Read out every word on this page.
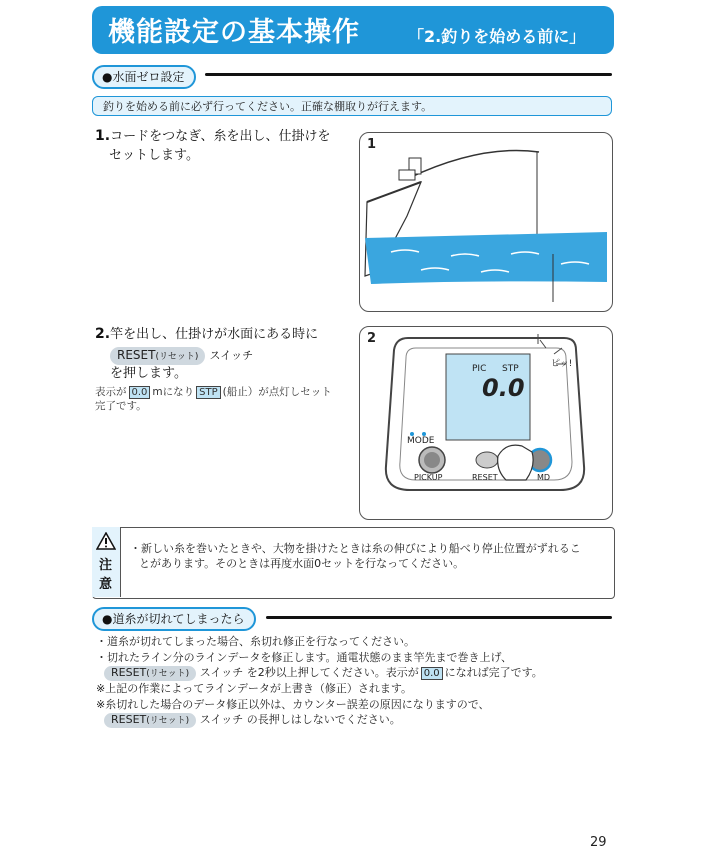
機能設定の基本操作	「2.釣りを始める前に」
●水面ゼロ設定
釣りを始める前に必ず行ってください。正確な棚取りが行えます。
1.コードをつなぎ、糸を出し、仕掛けを
セットします。
1
2.竿を出し、仕掛けが水面にある時に
RESET(リセット) スイッチ
を押します。
表示が 0.0 mになり STP (船止）が点灯しセット
完了です。
2
PIC STP
0.0
MODE
PICKUP	RESET	MD
ピッ!
注
意
・新しい糸を巻いたときや、大物を掛けたときは糸の伸びにより船べり停止位置がずれるこ
とがあります。そのときは再度水面0セットを行なってください。
●道糸が切れてしまったら
・道糸が切れてしまった場合、糸切れ修正を行なってください。
・切れたライン分のラインデータを修正します。通電状態のまま竿先まで巻き上げ、
RESET(リセット) スイッチ を2秒以上押してください。表示が 0.0 になれば完了です。
※上記の作業によってラインデータが上書き（修正）されます。
※糸切れした場合のデータ修正以外は、カウンター誤差の原因になりますので、
RESET(リセット) スイッチ の長押しはしないでください。
29
